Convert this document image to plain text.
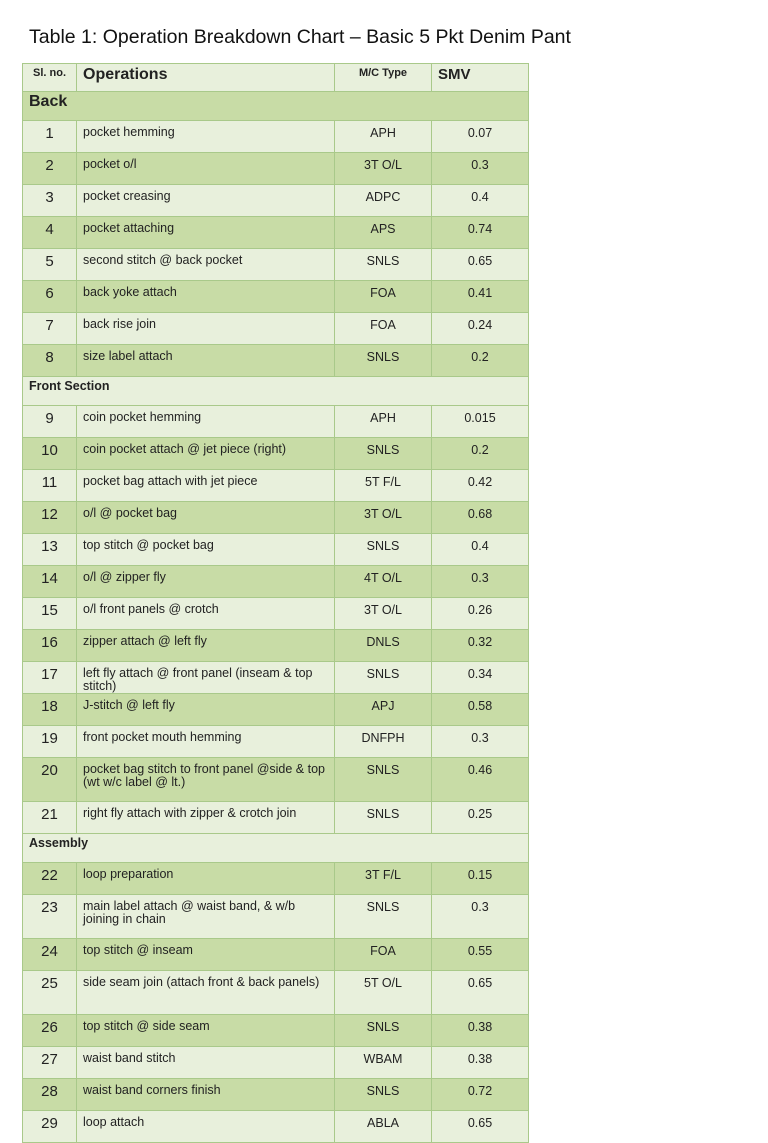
Table 1: Operation Breakdown Chart – Basic 5 Pkt Denim Pant
Sl. no.	Operations	M/C Type	SMV
Back			
1	pocket hemming	APH	0.07
2	pocket o/l	3T O/L	0.3
3	pocket creasing	ADPC	0.4
4	pocket attaching	APS	0.74
5	second stitch @ back pocket	SNLS	0.65
6	back yoke attach	FOA	0.41
7	back rise join	FOA	0.24
8	size label attach	SNLS	0.2
Front Section			
9	coin pocket hemming	APH	0.015
10	coin pocket attach @ jet piece (right)	SNLS	0.2
11	pocket bag attach with jet piece	5T F/L	0.42
12	o/l @ pocket bag	3T O/L	0.68
13	top stitch @ pocket bag	SNLS	0.4
14	o/l @ zipper fly	4T O/L	0.3
15	o/l front panels @ crotch	3T O/L	0.26
16	zipper attach @ left fly	DNLS	0.32
17	left fly attach @ front panel (inseam & top stitch)	SNLS	0.34
18	J-stitch @ left fly	APJ	0.58
19	front pocket mouth hemming	DNFPH	0.3
20	pocket bag stitch to front panel @side & top (wt w/c label @ lt.)	SNLS	0.46
21	right fly attach with zipper & crotch join	SNLS	0.25
Assembly			
22	loop preparation	3T F/L	0.15
23	main label attach @ waist band, & w/b joining in chain	SNLS	0.3
24	top stitch @ inseam	FOA	0.55
25	side seam join (attach front & back panels)	5T O/L	0.65
26	top stitch @ side seam	SNLS	0.38
27	waist band stitch	WBAM	0.38
28	waist band corners finish	SNLS	0.72
29	loop attach	ABLA	0.65
